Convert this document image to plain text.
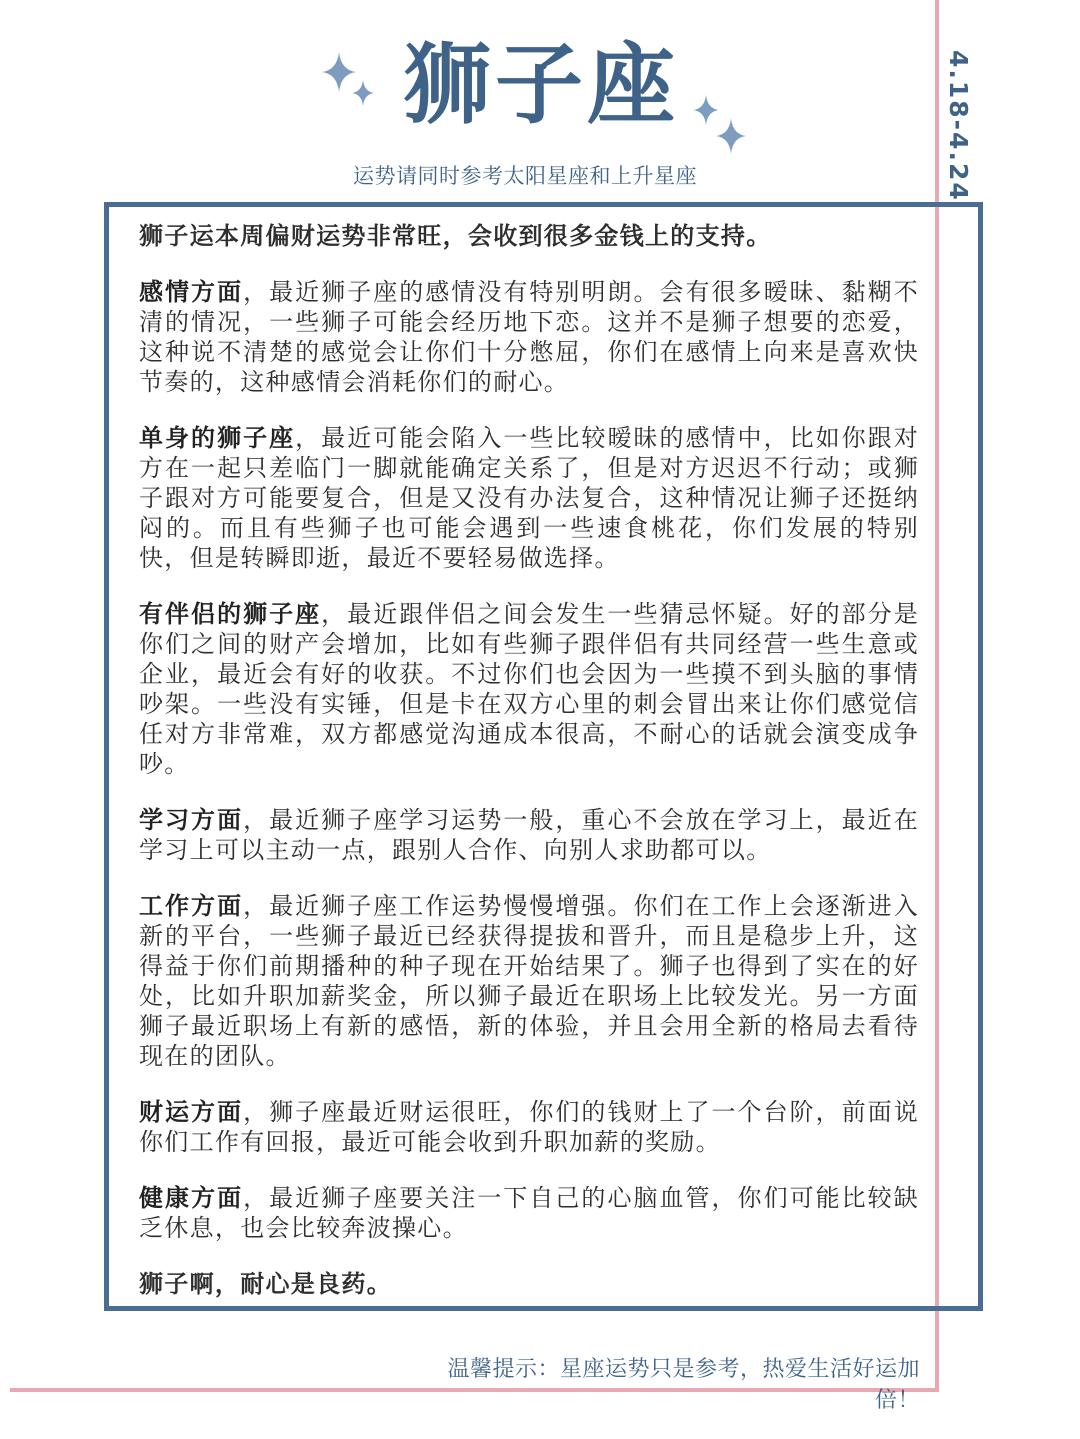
4.18-4.24
狮子座
运势请同时参考太阳星座和上升星座

狮子运本周偏财运势非常旺，会收到很多金钱上的支持。

感情方面，最近狮子座的感情没有特别明朗。会有很多暧昧、黏糊不清的情况，一些狮子可能会经历地下恋。这并不是狮子想要的恋爱，这种说不清楚的感觉会让你们十分憋屈，你们在感情上向来是喜欢快节奏的，这种感情会消耗你们的耐心。

单身的狮子座，最近可能会陷入一些比较暧昧的感情中，比如你跟对方在一起只差临门一脚就能确定关系了，但是对方迟迟不行动；或狮子跟对方可能要复合，但是又没有办法复合，这种情况让狮子还挺纳闷的。而且有些狮子也可能会遇到一些速食桃花，你们发展的特别快，但是转瞬即逝，最近不要轻易做选择。

有伴侣的狮子座，最近跟伴侣之间会发生一些猜忌怀疑。好的部分是你们之间的财产会增加，比如有些狮子跟伴侣有共同经营一些生意或企业，最近会有好的收获。不过你们也会因为一些摸不到头脑的事情吵架。一些没有实锤，但是卡在双方心里的刺会冒出来让你们感觉信任对方非常难，双方都感觉沟通成本很高，不耐心的话就会演变成争吵。

学习方面，最近狮子座学习运势一般，重心不会放在学习上，最近在学习上可以主动一点，跟别人合作、向别人求助都可以。

工作方面，最近狮子座工作运势慢慢增强。你们在工作上会逐渐进入新的平台，一些狮子最近已经获得提拔和晋升，而且是稳步上升，这得益于你们前期播种的种子现在开始结果了。狮子也得到了实在的好处，比如升职加薪奖金，所以狮子最近在职场上比较发光。另一方面狮子最近职场上有新的感悟，新的体验，并且会用全新的格局去看待现在的团队。

财运方面，狮子座最近财运很旺，你们的钱财上了一个台阶，前面说你们工作有回报，最近可能会收到升职加薪的奖励。

健康方面，最近狮子座要关注一下自己的心脑血管，你们可能比较缺乏休息，也会比较奔波操心。

狮子啊，耐心是良药。

温馨提示：星座运势只是参考，热爱生活好运加倍！
